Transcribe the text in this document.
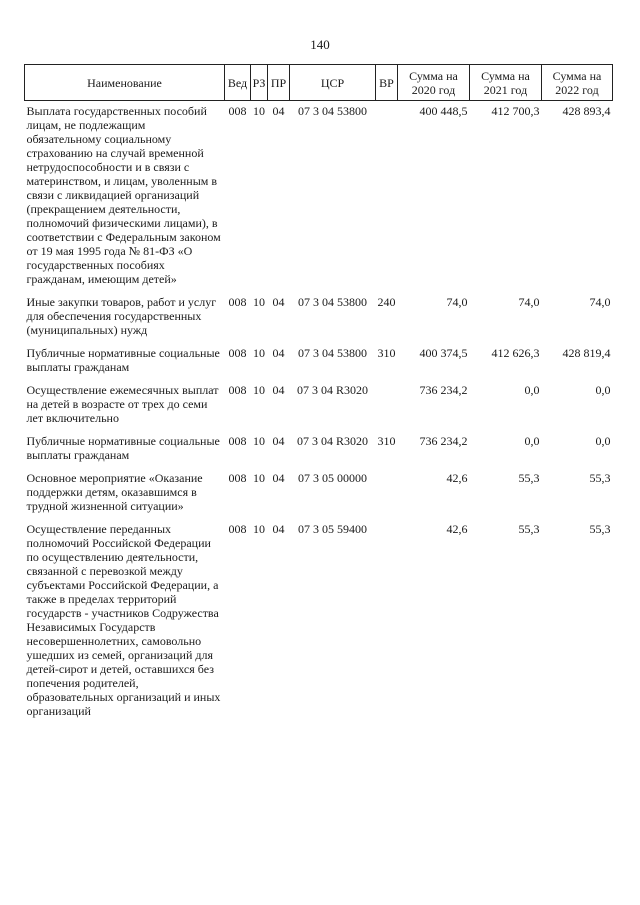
140
Наименование	Вед	РЗ	ПР	ЦСР	ВР	Сумма на 2020 год	Сумма на 2021 год	Сумма на 2022 год
Выплата государственных пособий лицам, не подлежащим обязательному социальному страхованию на случай временной нетрудоспособности и в связи с материнством, и лицам, уволенным в связи с ликвидацией организаций (прекращением деятельности, полномочий физическими лицами), в соответствии с Федеральным законом от 19 мая 1995 года № 81-ФЗ «О государственных пособиях гражданам, имеющим детей»	008	10	04	07 3 04 53800		400 448,5	412 700,3	428 893,4
Иные закупки товаров, работ и услуг для обеспечения государственных (муниципальных) нужд	008	10	04	07 3 04 53800	240	74,0	74,0	74,0
Публичные нормативные социальные выплаты гражданам	008	10	04	07 3 04 53800	310	400 374,5	412 626,3	428 819,4
Осуществление ежемесячных выплат на детей в возрасте от трех до семи лет включительно	008	10	04	07 3 04 R3020		736 234,2	0,0	0,0
Публичные нормативные социальные выплаты гражданам	008	10	04	07 3 04 R3020	310	736 234,2	0,0	0,0
Основное мероприятие «Оказание поддержки детям, оказавшимся в трудной жизненной ситуации»	008	10	04	07 3 05 00000		42,6	55,3	55,3
Осуществление переданных полномочий Российской Федерации по осуществлению деятельности, связанной с перевозкой между субъектами Российской Федерации, а также в пределах территорий государств - участников Содружества Независимых Государств несовершеннолетних, самовольно ушедших из семей, организаций для детей-сирот и детей, оставшихся без попечения родителей, образовательных организаций и иных организаций	008	10	04	07 3 05 59400		42,6	55,3	55,3
